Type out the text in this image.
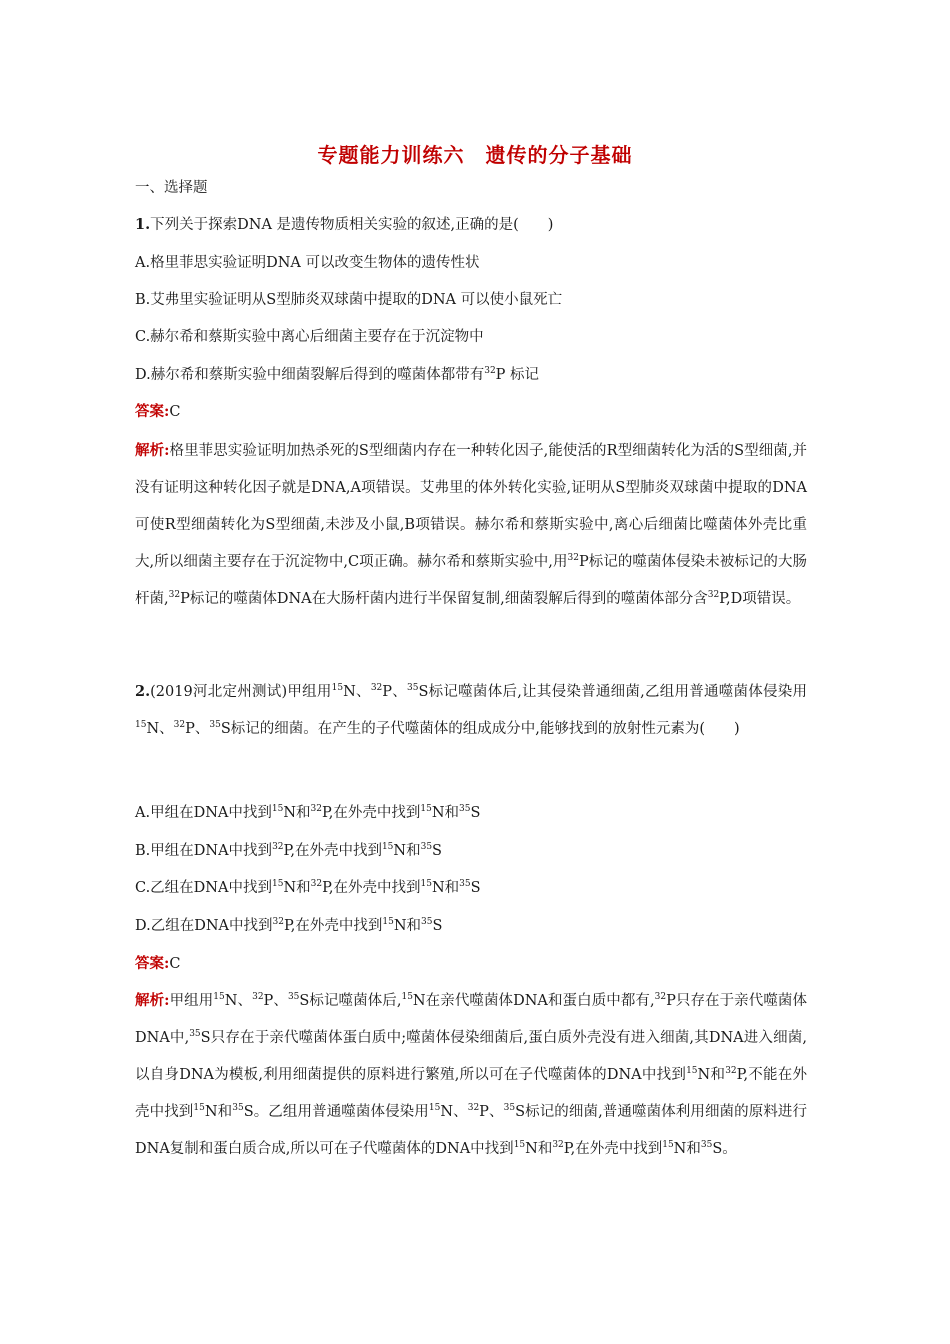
专题能力训练六　遗传的分子基础
一、选择题
1.下列关于探索DNA 是遗传物质相关实验的叙述,正确的是(　　)
A.格里菲思实验证明DNA 可以改变生物体的遗传性状
B.艾弗里实验证明从S型肺炎双球菌中提取的DNA 可以使小鼠死亡
C.赫尔希和蔡斯实验中离心后细菌主要存在于沉淀物中
D.赫尔希和蔡斯实验中细菌裂解后得到的噬菌体都带有$^{32}$P 标记
答案:C
解析:格里菲思实验证明加热杀死的S型细菌内存在一种转化因子,能使活的R型细菌转化为活的S型细菌,并没有证明这种转化因子就是DNA,A项错误。艾弗里的体外转化实验,证明从S型肺炎双球菌中提取的DNA可使R型细菌转化为S型细菌,未涉及小鼠,B项错误。赫尔希和蔡斯实验中,离心后细菌比噬菌体外壳比重大,所以细菌主要存在于沉淀物中,C项正确。赫尔希和蔡斯实验中,用$^{32}$P标记的噬菌体侵染未被标记的大肠杆菌,$^{32}$P标记的噬菌体DNA在大肠杆菌内进行半保留复制,细菌裂解后得到的噬菌体部分含$^{32}$P,D项错误。
2.(2019河北定州测试)甲组用$^{15}$N、$^{32}$P、$^{35}$S标记噬菌体后,让其侵染普通细菌,乙组用普通噬菌体侵染用$^{15}$N、$^{32}$P、$^{35}$S标记的细菌。在产生的子代噬菌体的组成成分中,能够找到的放射性元素为(　　)
A.甲组在DNA中找到$^{15}$N和$^{32}$P,在外壳中找到$^{15}$N和$^{35}$S
B.甲组在DNA中找到$^{32}$P,在外壳中找到$^{15}$N和$^{35}$S
C.乙组在DNA中找到$^{15}$N和$^{32}$P,在外壳中找到$^{15}$N和$^{35}$S
D.乙组在DNA中找到$^{32}$P,在外壳中找到$^{15}$N和$^{35}$S
答案:C
解析:甲组用$^{15}$N、$^{32}$P、$^{35}$S标记噬菌体后,$^{15}$N在亲代噬菌体DNA和蛋白质中都有,$^{32}$P只存在于亲代噬菌体DNA中,$^{35}$S只存在于亲代噬菌体蛋白质中;噬菌体侵染细菌后,蛋白质外壳没有进入细菌,其DNA进入细菌,以自身DNA为模板,利用细菌提供的原料进行繁殖,所以可在子代噬菌体的DNA中找到$^{15}$N和$^{32}$P,不能在外壳中找到$^{15}$N和$^{35}$S。乙组用普通噬菌体侵染用$^{15}$N、$^{32}$P、$^{35}$S标记的细菌,普通噬菌体利用细菌的原料进行DNA复制和蛋白质合成,所以可在子代噬菌体的DNA中找到$^{15}$N和$^{32}$P,在外壳中找到$^{15}$N和$^{35}$S。
